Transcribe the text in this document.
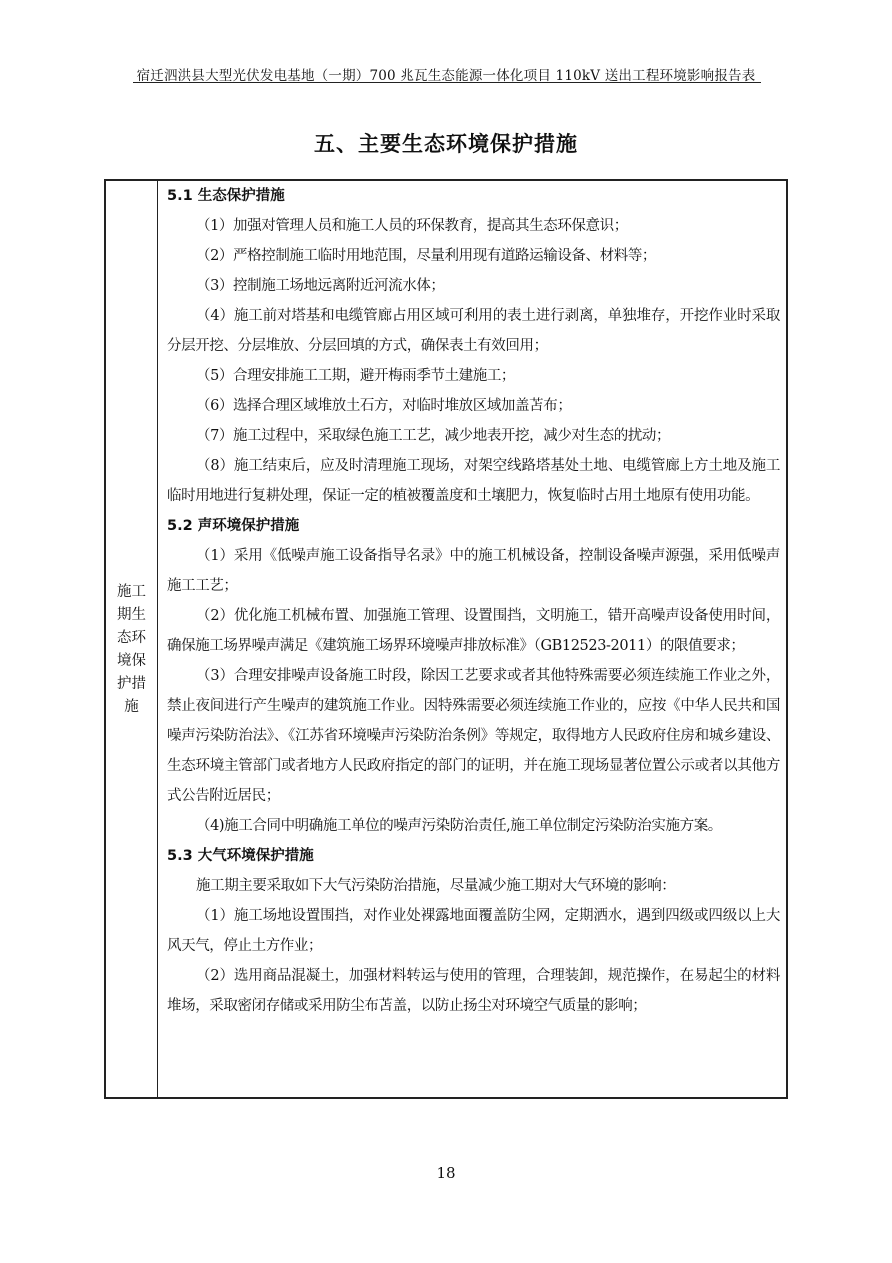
宿迁泗洪县大型光伏发电基地（一期）700 兆瓦生态能源一体化项目 110kV 送出工程环境影响报告表
五、主要生态环境保护措施
施工
期生
态环
境保
护措
施
5.1 生态保护措施
（1）加强对管理人员和施工人员的环保教育，提高其生态环保意识；
（2）严格控制施工临时用地范围，尽量利用现有道路运输设备、材料等；
（3）控制施工场地远离附近河流水体；
（4）施工前对塔基和电缆管廊占用区域可利用的表土进行剥离，单独堆存，开挖作业时采取分层开挖、分层堆放、分层回填的方式，确保表土有效回用；
（5）合理安排施工工期，避开梅雨季节土建施工；
（6）选择合理区域堆放土石方，对临时堆放区域加盖苫布；
（7）施工过程中，采取绿色施工工艺，减少地表开挖，减少对生态的扰动；
（8）施工结束后，应及时清理施工现场，对架空线路塔基处土地、电缆管廊上方土地及施工临时用地进行复耕处理，保证一定的植被覆盖度和土壤肥力，恢复临时占用土地原有使用功能。
5.2 声环境保护措施
（1）采用《低噪声施工设备指导名录》中的施工机械设备，控制设备噪声源强，采用低噪声施工工艺；
（2）优化施工机械布置、加强施工管理、设置围挡，文明施工，错开高噪声设备使用时间，确保施工场界噪声满足《建筑施工场界环境噪声排放标准》（GB12523-2011）的限值要求；
（3）合理安排噪声设备施工时段，除因工艺要求或者其他特殊需要必须连续施工作业之外，禁止夜间进行产生噪声的建筑施工作业。因特殊需要必须连续施工作业的，应按《中华人民共和国噪声污染防治法》、《江苏省环境噪声污染防治条例》等规定，取得地方人民政府住房和城乡建设、生态环境主管部门或者地方人民政府指定的部门的证明，并在施工现场显著位置公示或者以其他方式公告附近居民；
（4)施工合同中明确施工单位的噪声污染防治责任,施工单位制定污染防治实施方案。
5.3 大气环境保护措施
施工期主要采取如下大气污染防治措施，尽量减少施工期对大气环境的影响：
（1）施工场地设置围挡，对作业处裸露地面覆盖防尘网，定期洒水，遇到四级或四级以上大风天气，停止土方作业；
（2）选用商品混凝土，加强材料转运与使用的管理，合理装卸，规范操作，在易起尘的材料堆场，采取密闭存储或采用防尘布苫盖，以防止扬尘对环境空气质量的影响；
18
